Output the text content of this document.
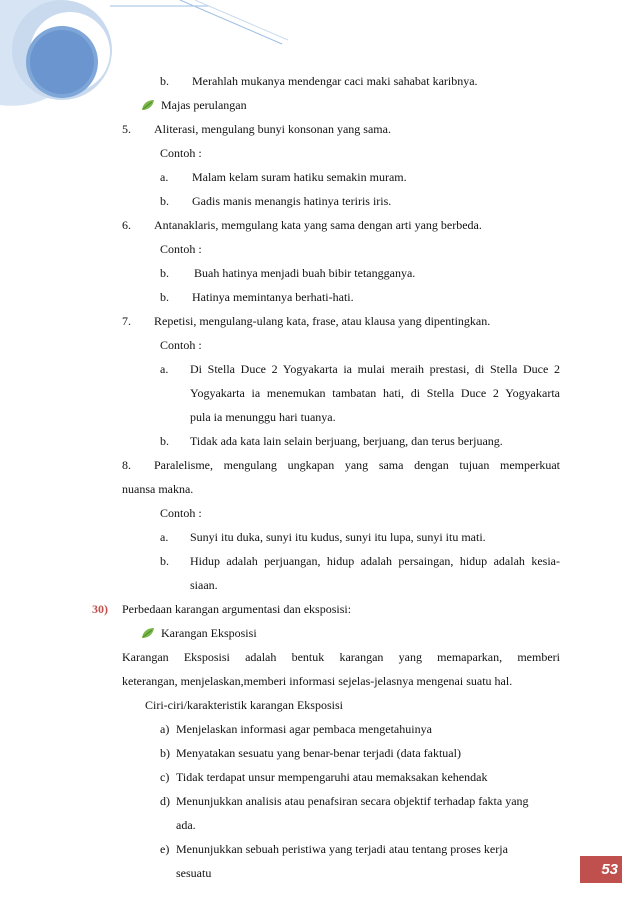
b. Merahlah mukanya mendengar caci maki sahabat karibnya.
Majas perulangan
5. Aliterasi, mengulang bunyi konsonan yang sama.
Contoh :
a. Malam kelam suram hatiku semakin muram.
b. Gadis manis menangis hatinya teriris iris.
6. Antanaklaris, memgulang kata yang sama dengan arti yang berbeda.
Contoh :
b. Buah hatinya menjadi buah bibir tetangganya.
b. Hatinya memintanya berhati-hati.
7. Repetisi, mengulang-ulang kata, frase, atau klausa yang dipentingkan.
Contoh :
a. Di Stella Duce 2 Yogyakarta ia mulai meraih prestasi, di Stella Duce 2
Yogyakarta ia menemukan tambatan hati, di Stella Duce 2 Yogyakarta
pula ia menunggu hari tuanya.
b. Tidak ada kata lain selain berjuang, berjuang, dan terus berjuang.
8. Paralelisme, mengulang ungkapan yang sama dengan tujuan memperkuat
nuansa makna.
Contoh :
a. Sunyi itu duka, sunyi itu kudus, sunyi itu lupa, sunyi itu mati.
b. Hidup adalah perjuangan, hidup adalah persaingan, hidup adalah kesia-
siaan.
30) Perbedaan karangan argumentasi dan eksposisi:
Karangan Eksposisi
Karangan Eksposisi adalah bentuk karangan yang memaparkan, memberi
keterangan, menjelaskan,memberi informasi sejelas-jelasnya mengenai suatu hal.
Ciri-ciri/karakteristik karangan Eksposisi
a) Menjelaskan informasi agar pembaca mengetahuinya
b) Menyatakan sesuatu yang benar-benar terjadi (data faktual)
c) Tidak terdapat unsur mempengaruhi atau memaksakan kehendak
d) Menunjukkan analisis atau penafsiran secara objektif terhadap fakta yang
ada.
e) Menunjukkan sebuah peristiwa yang terjadi atau tentang proses kerja
sesuatu	53
